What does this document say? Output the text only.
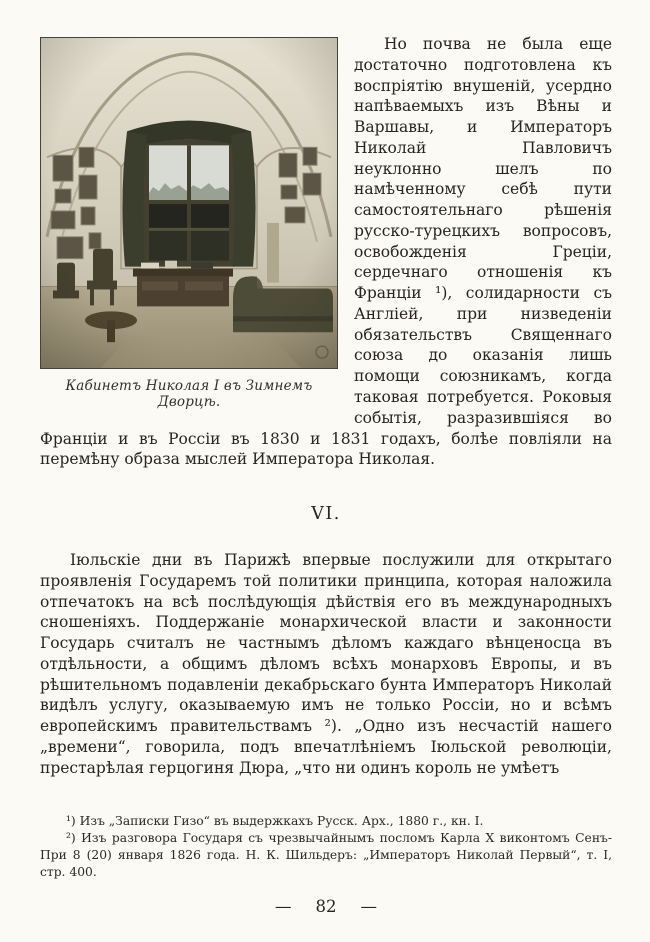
Кабинетъ Николая I въ Зимнемъ Дворцѣ.

Но почва не была еще достаточно подготовлена къ воспріятію внушеній, усердно напѣваемыхъ изъ Вѣны и Варшавы, и Императоръ Николай Павловичъ неуклонно шелъ по намѣченному себѣ пути самостоятельнаго рѣшенія русско-турецкихъ вопросовъ, освобожденія Греціи, сердечнаго отношенія къ Франціи ¹), солидарности съ Англіей, при низведеніи обязательствъ Священнаго союза до оказанія лишь помощи союзникамъ, когда таковая потребуется. Роковыя событія, разразившіяся во Франціи и въ Россіи въ 1830 и 1831 годахъ, болѣе повліяли на перемѣну образа мыслей Императора Николая.

VI.

Іюльскіе дни въ Парижѣ впервые послужили для открытаго проявленія Государемъ той политики принципа, которая наложила отпечатокъ на всѣ послѣдующія дѣйствія его въ международныхъ сношеніяхъ. Поддержаніе монархической власти и законности Государь считалъ не частнымъ дѣломъ каждаго вѣнценосца въ отдѣльности, а общимъ дѣломъ всѣхъ монарховъ Европы, и въ рѣшительномъ подавленіи декабрьскаго бунта Императоръ Николай видѣлъ услугу, оказываемую имъ не только Россіи, но и всѣмъ европейскимъ правительствамъ ²). „Одно изъ несчастій нашего „времени“, говорила, подъ впечатлѣніемъ Іюльской революціи, престарѣлая герцогиня Дюра, „что ни одинъ король не умѣетъ

¹) Изъ „Записки Гизо“ въ выдержкахъ Русск. Арх., 1880 г., кн. I.

²) Изъ разговора Государя съ чрезвычайнымъ посломъ Карла X виконтомъ Сенъ-При 8 (20) января 1826 года. Н. К. Шильдеръ: „Императоръ Николай Первый“, т. I, стр. 400.

— 82 —
